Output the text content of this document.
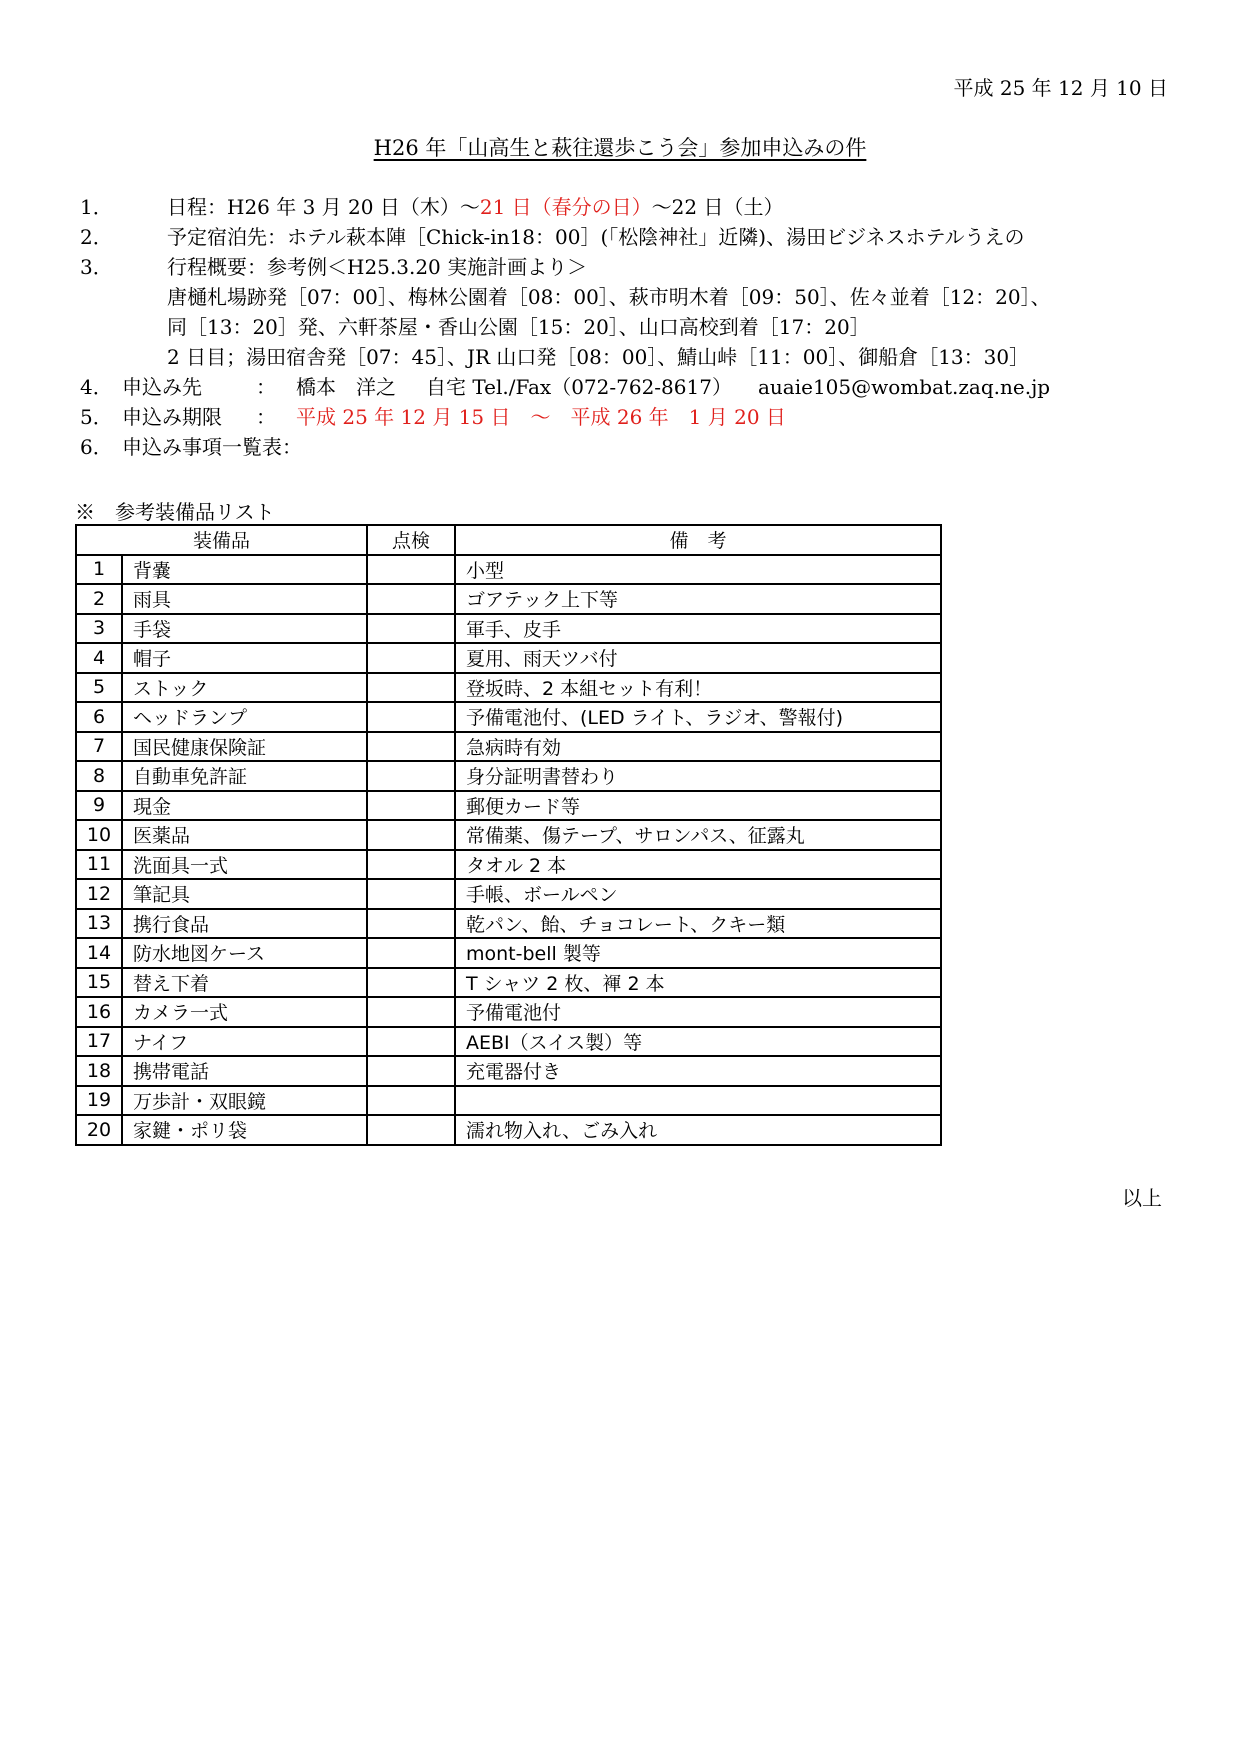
平成 25 年 12 月 10 日
H26 年「山高生と萩往還歩こう会」参加申込みの件
1．	日程：H26 年 3 月 20 日（木）〜21 日（春分の日）〜22 日（土）
2．	予定宿泊先：ホテル萩本陣［Chick-in18：00］(「松陰神社」近隣)、湯田ビジネスホテルうえの
3．	行程概要：参考例＜H25.3.20 実施計画より＞
唐樋札場跡発［07：00］、梅林公園着［08：00］、萩市明木着［09：50］、佐々並着［12：20］、
同［13：20］発、六軒茶屋・香山公園［15：20］、山口高校到着［17：20］
2 日目；湯田宿舎発［07：45］、JR 山口発［08：00］、鯖山峠［11：00］、御船倉［13：30］
4． 申込み先	： 橋本　洋之 自宅 Tel./Fax（072-762-8617） auaie105@wombat.zaq.ne.jp
5． 申込み期限 ： 平成 25 年 12 月 15 日　〜　平成 26 年　1 月 20 日
6． 申込み事項一覧表：
※　参考装備品リスト
装備品		点検	備　考
1	背嚢		小型
2	雨具		ゴアテック上下等
3	手袋		軍手、皮手
4	帽子		夏用、雨天ツバ付
5	ストック		登坂時、2 本組セット有利！
6	ヘッドランプ		予備電池付、(LED ライト、ラジオ、警報付)
7	国民健康保険証		急病時有効
8	自動車免許証		身分証明書替わり
9	現金		郵便カード等
10	医薬品		常備薬、傷テープ、サロンパス、征露丸
11	洗面具一式		タオル 2 本
12	筆記具		手帳、ボールペン
13	携行食品		乾パン、飴、チョコレート、クキー類
14	防水地図ケース		mont-bell 製等
15	替え下着		T シャツ 2 枚、褌 2 本
16	カメラ一式		予備電池付
17	ナイフ		AEBI（スイス製）等
18	携帯電話		充電器付き
19	万歩計・双眼鏡		
20	家鍵・ポリ袋		濡れ物入れ、ごみ入れ
以上
